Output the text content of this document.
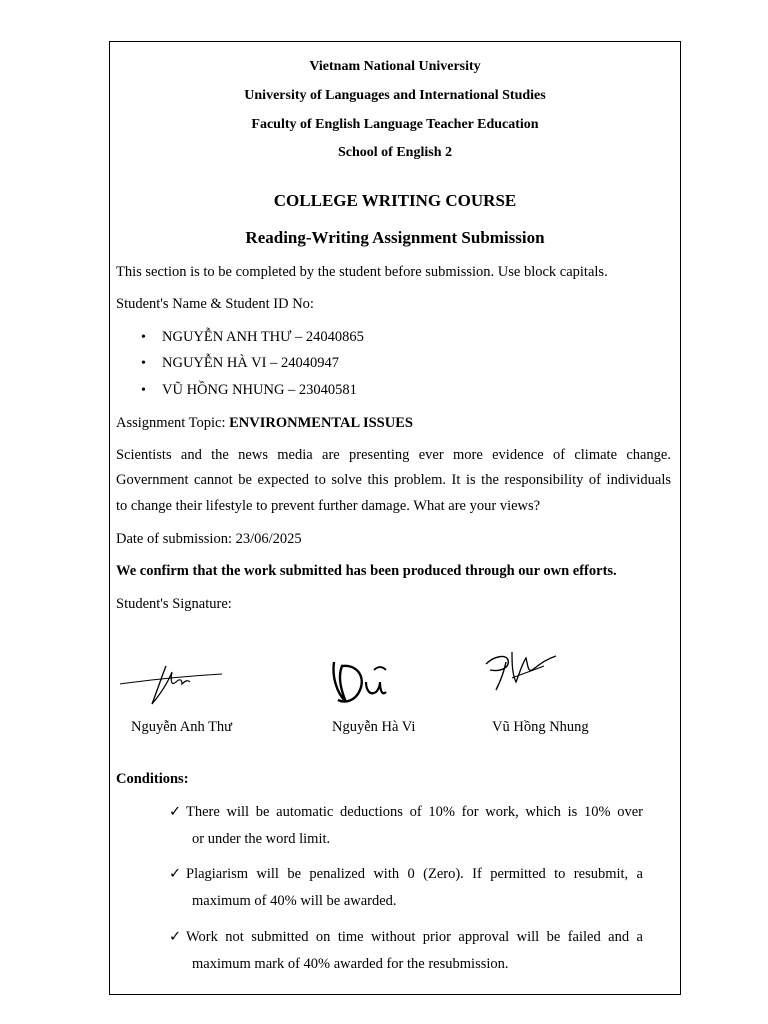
Vietnam National University
University of Languages and International Studies
Faculty of English Language Teacher Education
School of English 2
COLLEGE WRITING COURSE
Reading-Writing Assignment Submission
This section is to be completed by the student before submission. Use block capitals.
Student's Name & Student ID No:
• NGUYỄN ANH THƯ – 24040865
• NGUYỄN HÀ VI – 24040947
• VŨ HỒNG NHUNG – 23040581
Assignment Topic: ENVIRONMENTAL ISSUES
Scientists and the news media are presenting ever more evidence of climate change.
Government cannot be expected to solve this problem. It is the responsibility of individuals
to change their lifestyle to prevent further damage. What are your views?
Date of submission: 23/06/2025
We confirm that the work submitted has been produced through our own efforts.
Student's Signature:
Nguyễn Anh Thư	Nguyễn Hà Vi	Vũ Hồng Nhung
Conditions:
✓ There will be automatic deductions of 10% for work, which is 10% over
or under the word limit.
✓ Plagiarism will be penalized with 0 (Zero). If permitted to resubmit, a
maximum of 40% will be awarded.
✓ Work not submitted on time without prior approval will be failed and a
maximum mark of 40% awarded for the resubmission.
